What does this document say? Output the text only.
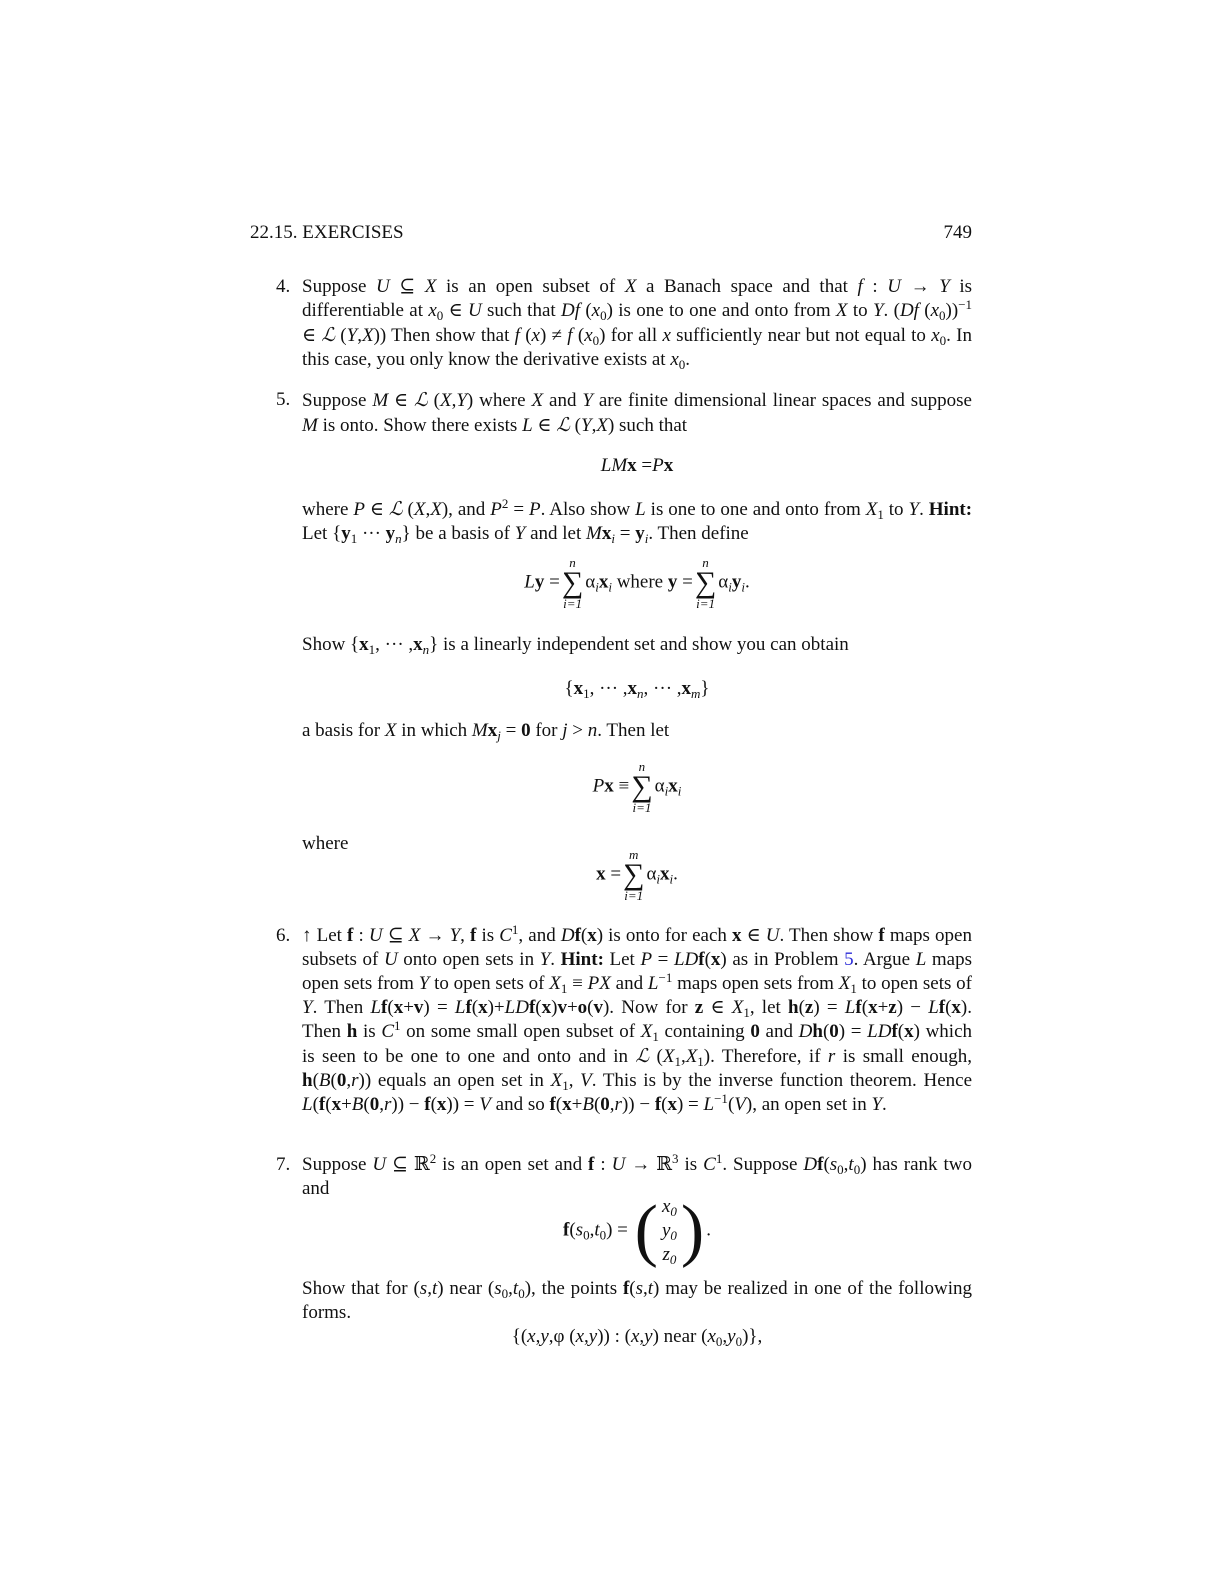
22.15. EXERCISES	749
4. Suppose U ⊆ X is an open subset of X a Banach space and that f : U → Y is differentiable at $x_0$ ∈ U such that Df $(x_0)$ is one to one and onto from X to Y. (Df $(x_0))^{-1}$ ∈ ℒ (Y,X)) Then show that f (x) ≠ f $(x_0)$ for all x sufficiently near but not equal to $x_0$. In this case, you only know the derivative exists at $x_0$.
5. Suppose M ∈ ℒ (X,Y) where X and Y are finite dimensional linear spaces and suppose M is onto. Show there exists L ∈ ℒ (Y,X) such that
LMx =Px
where P ∈ ℒ (X,X), and $P^2 = P$. Also show L is one to one and onto from $X_1$ to Y. Hint: Let {$y_1$ ··· $y_n$} be a basis of Y and let $Mx_i = y_i$. Then define
Ly =
n
∑
i=1
$\alpha_ix_i$ where y =
n
∑
i=1
$\alpha_iy_i$.
Show {$x_1$, ··· $,x_n$} is a linearly independent set and show you can obtain
{$x_1$, ··· $,x_n$, ··· $,x_m$}
a basis for X in which $Mx_j = 0$ for j > n. Then let
Px ≡
n
∑
i=1
$\alpha_ix_i$
where
x =
m
∑
i=1
$\alpha_ix_i$.
6. ↑ Let f : U ⊆ X → Y, f is $C^1$, and Df(x) is onto for each x ∈ U. Then show f maps open subsets of U onto open sets in Y. Hint: Let P = LDf(x) as in Problem 5. Argue L maps open sets from Y to open sets of $X_1$ ≡ PX and $L^{-1}$ maps open sets from $X_1$ to open sets of Y. Then Lf(x+v) = Lf(x)+LDf(x)v+o(v). Now for z ∈ $X_1$, let h(z) = Lf(x+z) − Lf(x). Then h is $C^1$ on some small open subset of $X_1$ containing 0 and Dh(0) = LDf(x) which is seen to be one to one and onto and in ℒ $(X_1,X_1)$. Therefore, if r is small enough, h(B(0,r)) equals an open set in $X_1$, V. This is by the inverse function theorem. Hence L(f(x+B(0,r)) − f(x)) = V and so $f(x+B(0,r)) - f(x) = L^{-1}(V)$, an open set in Y.
7. Suppose U ⊆ ℝ$^2$ is an open set and f : U → ℝ$^3$ is $C^1$. Suppose $Df(s_0,t_0)$ has rank two and
$f(s_0,t_0)$ = (	$x_0$	)
$y_0$
$z_0$.
Show that for (s,t) near $(s_0,t_0)$, the points f(s,t) may be realized in one of the following forms.
{(x,y,φ (x,y)) : (x,y) near $(x_0,y_0)$},
